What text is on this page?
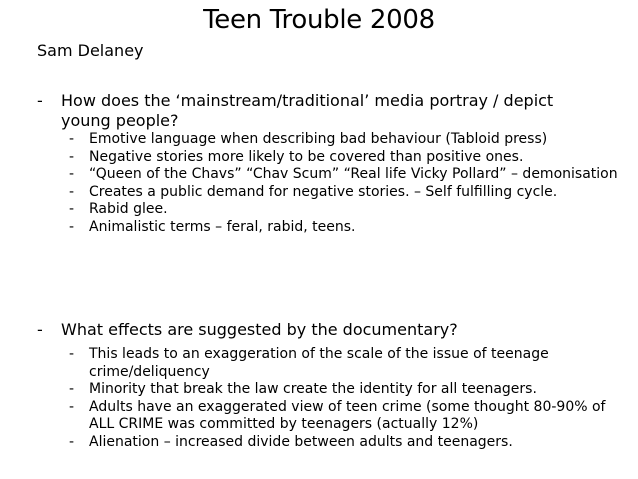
Teen Trouble 2008
Sam Delaney
- How does the ‘mainstream/traditional’ media portray / depict young people?
- Emotive language when describing bad behaviour (Tabloid press)
- Negative stories more likely to be covered than positive ones.
- “Queen of the Chavs” “Chav Scum” “Real life Vicky Pollard” – demonisation
- Creates a public demand for negative stories. – Self fulfilling cycle.
- Rabid glee.
- Animalistic terms – feral, rabid, teens.
- What effects are suggested by the documentary?
- This leads to an exaggeration of the scale of the issue of teenage crime/deliquency
- Minority that break the law create the identity for all teenagers.
- Adults have an exaggerated view of teen crime (some thought 80-90% of ALL CRIME was committed by teenagers (actually 12%)
- Alienation – increased divide between adults and teenagers.
